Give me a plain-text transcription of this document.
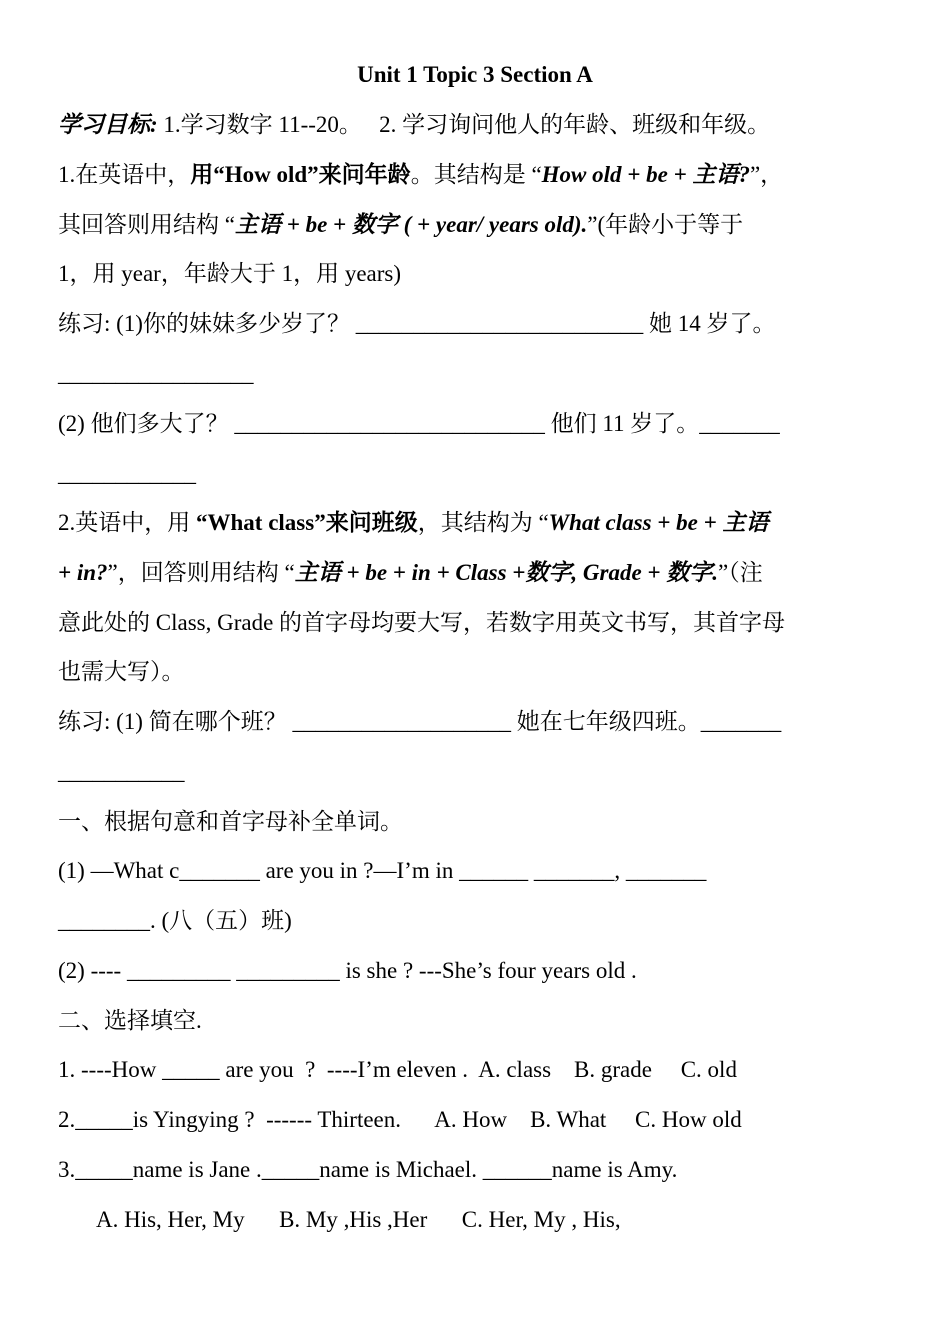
Unit 1 Topic 3 Section A
学习目标: 1.学习数字 11--20。   2. 学习询问他人的年龄、班级和年级。
1.在英语中，用“How old”来问年龄。其结构是 “How old + be + 主语?”，
其回答则用结构 “主语 + be + 数字 ( + year/ years old).”(年龄小于等于
1，用 year，年龄大于 1，用 years)
练习: (1)你的妹妹多少岁了？ _________________________ 她 14 岁了。
_________________
(2) 他们多大了？ ___________________________ 他们 11 岁了。_______
____________
2.英语中，用 “What class”来问班级，其结构为 “What class + be + 主语
+ in?”，回答则用结构 “主语 + be + in + Class +数字, Grade + 数字.”（注
意此处的 Class, Grade 的首字母均要大写，若数字用英文书写，其首字母
也需大写）。
练习: (1) 简在哪个班？ ___________________ 她在七年级四班。_______
___________
一、根据句意和首字母补全单词。
(1) —What c_______ are you in ?—I’m in ______ _______, _______
________. (八（五）班)
(2) ---- _________ _________ is she ? ---She’s four years old .
二、选择填空.
1. ----How _____ are you  ?  ----I’m eleven .  A. class    B. grade     C. old
2._____is Yingying ?  ------ Thirteen.      A. How    B. What     C. How old
3._____name is Jane ._____name is Michael. ______name is Amy.
A. His, Her, My      B. My ,His ,Her      C. Her, My , His,
